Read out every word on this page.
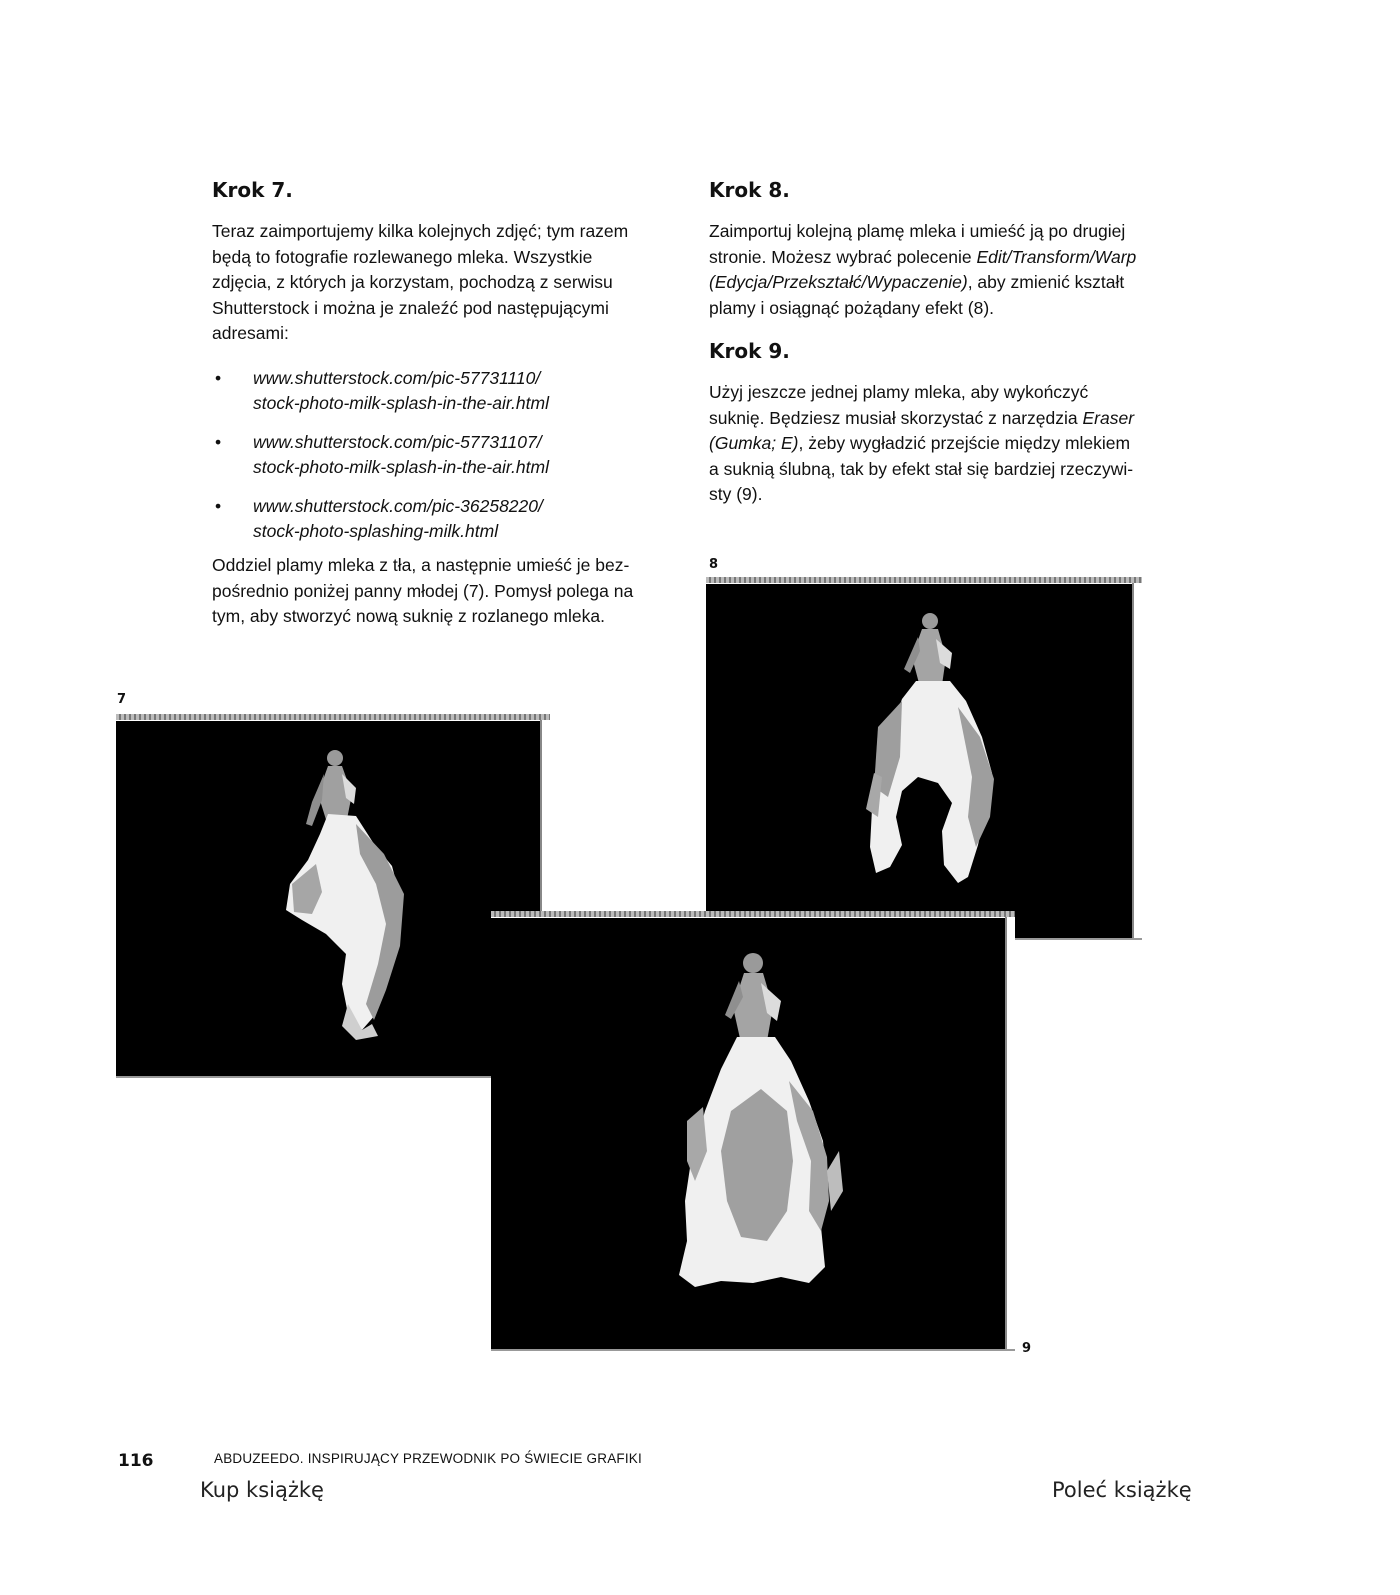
Krok 7.
Teraz zaimportujemy kilka kolejnych zdjęć; tym razem
będą to fotografie rozlewanego mleka. Wszystkie
zdjęcia, z których ja korzystam, pochodzą z serwisu
Shutterstock i można je znaleźć pod następującymi
adresami:
• www.shutterstock.com/pic-57731110/
stock-photo-milk-splash-in-the-air.html
• www.shutterstock.com/pic-57731107/
stock-photo-milk-splash-in-the-air.html
• www.shutterstock.com/pic-36258220/
stock-photo-splashing-milk.html
Oddziel plamy mleka z tła, a następnie umieść je bez-
pośrednio poniżej panny młodej (7). Pomysł polega na
tym, aby stworzyć nową suknię z rozlanego mleka.
Krok 8.
Zaimportuj kolejną plamę mleka i umieść ją po drugiej
stronie. Możesz wybrać polecenie Edit/Transform/Warp
(Edycja/Przekształć/Wypaczenie), aby zmienić kształt
plamy i osiągnąć pożądany efekt (8).
Krok 9.
Użyj jeszcze jednej plamy mleka, aby wykończyć
suknię. Będziesz musiał skorzystać z narzędzia Eraser
(Gumka; E), żeby wygładzić przejście między mlekiem
a suknią ślubną, tak by efekt stał się bardziej rzeczywi-
sty (9).
7
8
9
116	ABDUZEEDO. INSPIRUJĄCY PRZEWODNIK PO ŚWIECIE GRAFIKI
Kup książkę	Poleć książkę
